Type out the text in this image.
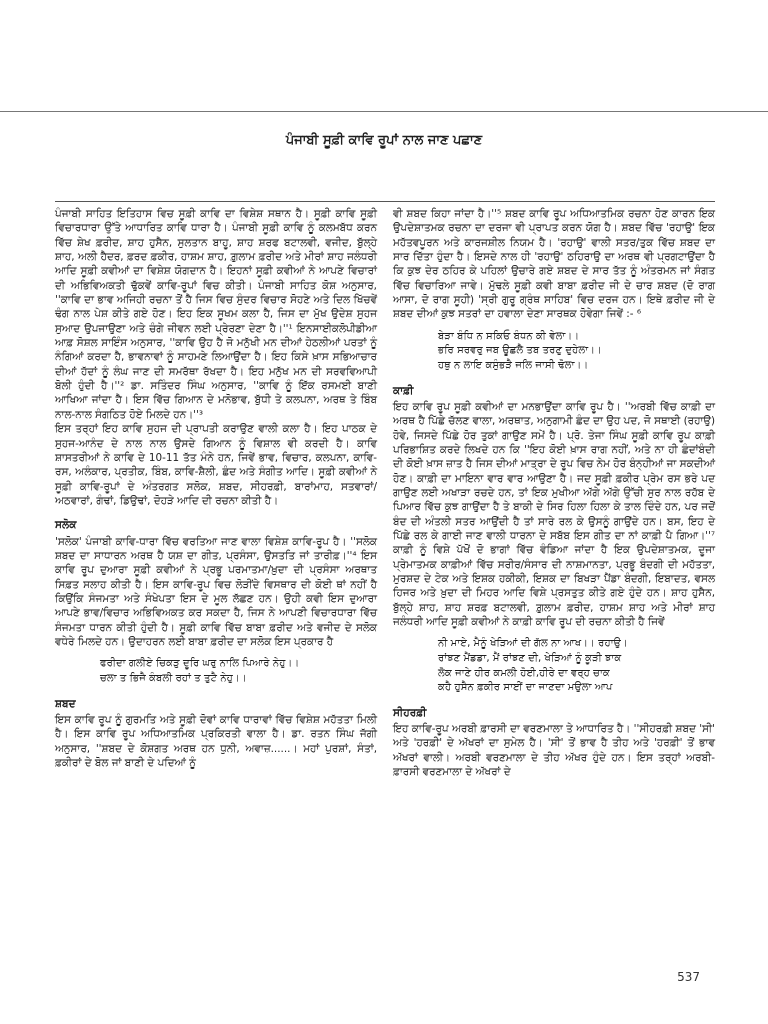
ਪੰਜਾਬੀ ਸੂਫ਼ੀ ਕਾਵਿ ਰੂਪਾਂ ਨਾਲ ਜਾਣ ਪਛਾਣ

ਪੰਜਾਬੀ ਸਾਹਿਤ ਇਤਿਹਾਸ ਵਿਚ ਸੂਫ਼ੀ ਕਾਵਿ ਦਾ ਵਿਸ਼ੇਸ਼ ਸਥਾਨ ਹੈ। ਸੂਫ਼ੀ ਕਾਵਿ ਸੂਫ਼ੀ ਵਿਚਾਰਧਾਰਾ ਉੱਤੇ ਆਧਾਰਿਤ ਕਾਵਿ ਧਾਰਾ ਹੈ। ਪੰਜਾਬੀ ਸੂਫ਼ੀ ਕਾਵਿ ਨੂੰ ਕਲਮਬੱਧ ਕਰਨ ਵਿੱਚ ਸ਼ੇਖ ਫ਼ਰੀਦ, ਸ਼ਾਹ ਹੁਸੈਨ, ਸੁਲਤਾਨ ਬਾਹੂ, ਸ਼ਾਹ ਸ਼ਰਫ ਬਟਾਲਵੀ, ਵਜੀਦ, ਬੁੱਲ੍ਹੇ ਸ਼ਾਹ, ਅਲੀ ਹੈਦਰ, ਫ਼ਰਦ ਫ਼ਕੀਰ, ਹਾਸ਼ਮ ਸ਼ਾਹ, ਗ਼ੁਲਾਮ ਫ਼ਰੀਦ ਅਤੇ ਮੀਰਾਂ ਸ਼ਾਹ ਜਲੰਧਰੀ ਆਦਿ ਸੂਫ਼ੀ ਕਵੀਆਂ ਦਾ ਵਿਸ਼ੇਸ਼ ਯੋਗਦਾਨ ਹੈ। ਇਹਨਾਂ ਸੂਫ਼ੀ ਕਵੀਆਂ ਨੇ ਆਪਣੇ ਵਿਚਾਰਾਂ ਦੀ ਅਭਿਵਿਅਕਤੀ ਢੁੱਕਵੇਂ ਕਾਵਿ-ਰੂਪਾਂ ਵਿਚ ਕੀਤੀ। ਪੰਜਾਬੀ ਸਾਹਿਤ ਕੋਸ਼ ਅਨੁਸਾਰ, ''ਕਾਵਿ ਦਾ ਭਾਵ ਅਜਿਹੀ ਰਚਨਾ ਤੋਂ ਹੈ ਜਿਸ ਵਿਚ ਸੁੰਦਰ ਵਿਚਾਰ ਸੋਹਣੇ ਅਤੇ ਦਿਲ ਖਿੱਚਵੇਂ ਢੰਗ ਨਾਲ ਪੇਸ਼ ਕੀਤੇ ਗਏ ਹੋਣ। ਇਹ ਇਕ ਸੂਖਮ ਕਲਾ ਹੈ, ਜਿਸ ਦਾ ਮੁੱਖ ਉਦੇਸ਼ ਸੁਹਜ ਸੁਆਦ ਉਪਜਾਉਣਾ ਅਤੇ ਚੰਗੇ ਜੀਵਨ ਲਈ ਪ੍ਰੇਰਣਾ ਦੇਣਾ ਹੈ।''¹ ਇਨਸਾਈਕਲੋਪੀਡੀਆ ਆਫ਼ ਸੋਸ਼ਲ ਸਾਇੰਸ ਅਨੁਸਾਰ, ''ਕਾਵਿ ਉਹ ਹੈ ਜੋ ਮਨੁੱਖੀ ਮਨ ਦੀਆਂ ਹੇਠਲੀਆਂ ਪਰਤਾਂ ਨੂੰ ਨੰਗਿਆਂ ਕਰਦਾ ਹੈ, ਭਾਵਨਾਵਾਂ ਨੂੰ ਸਾਹਮਣੇ ਲਿਆਉਂਦਾ ਹੈ। ਇਹ ਕਿਸੇ ਖ਼ਾਸ ਸਭਿਆਚਾਰ ਦੀਆਂ ਹੱਦਾਂ ਨੂੰ ਲੰਘ ਜਾਣ ਦੀ ਸਮਰੱਥਾ ਰੱਖਦਾ ਹੈ। ਇਹ ਮਨੁੱਖ ਮਨ ਦੀ ਸਰਵਵਿਆਪੀ ਬੋਲੀ ਹੁੰਦੀ ਹੈ।''² ਡਾ. ਸਤਿੰਦਰ ਸਿੰਘ ਅਨੁਸਾਰ, ''ਕਾਵਿ ਨੂੰ ਇੱਕ ਰਸਮਈ ਬਾਣੀ ਆਖਿਆ ਜਾਂਦਾ ਹੈ। ਇਸ ਵਿੱਚ ਗਿਆਨ ਦੇ ਮਨੋਭਾਵ, ਬੁੱਧੀ ਤੇ ਕਲਪਨਾ, ਅਰਥ ਤੇ ਬਿੰਬ ਨਾਲ-ਨਾਲ ਸੰਗਠਿਤ ਹੋਏ ਮਿਲਦੇ ਹਨ।''³

ਇਸ ਤਰ੍ਹਾਂ ਇਹ ਕਾਵਿ ਸੁਹਜ ਦੀ ਪ੍ਰਾਪਤੀ ਕਰਾਉਣ ਵਾਲੀ ਕਲਾ ਹੈ। ਇਹ ਪਾਠਕ ਦੇ ਸੁਹਜ-ਆਨੰਦ ਦੇ ਨਾਲ ਨਾਲ ਉਸਦੇ ਗਿਆਨ ਨੂੰ ਵਿਸ਼ਾਲ ਵੀ ਕਰਦੀ ਹੈ। ਕਾਵਿ ਸ਼ਾਸਤਰੀਆਂ ਨੇ ਕਾਵਿ ਦੇ 10-11 ਤੱਤ ਮੰਨੇ ਹਨ, ਜਿਵੇਂ ਭਾਵ, ਵਿਚਾਰ, ਕਲਪਨਾ, ਕਾਵਿ-ਰਸ, ਅਲੰਕਾਰ, ਪ੍ਰਤੀਕ, ਬਿੰਬ, ਕਾਵਿ-ਸ਼ੈਲੀ, ਛੰਦ ਅਤੇ ਸੰਗੀਤ ਆਦਿ। ਸੂਫ਼ੀ ਕਵੀਆਂ ਨੇ ਸੂਫ਼ੀ ਕਾਵਿ-ਰੂਪਾਂ ਦੇ ਅੰਤਰਗਤ ਸਲੋਕ, ਸ਼ਬਦ, ਸੀਹਰਫ਼ੀ, ਬਾਰਾਂਮਾਹ, ਸਤਵਾਰਾਂ/ਅਠਵਾਰਾਂ, ਗੰਢਾਂ, ਡਿਉਢਾਂ, ਦੋਹੜੇ ਆਦਿ ਦੀ ਰਚਨਾ ਕੀਤੀ ਹੈ।

ਸਲੋਕ

'ਸਲੋਕ' ਪੰਜਾਬੀ ਕਾਵਿ-ਧਾਰਾ ਵਿੱਚ ਵਰਤਿਆ ਜਾਣ ਵਾਲਾ ਵਿਸ਼ੇਸ਼ ਕਾਵਿ-ਰੂਪ ਹੈ। ''ਸਲੋਕ ਸ਼ਬਦ ਦਾ ਸਾਧਾਰਨ ਅਰਥ ਹੈ ਯਸ਼ ਦਾ ਗੀਤ, ਪ੍ਰਸੰਸਾ, ਉਸਤਤਿ ਜਾਂ ਤਾਰੀਫ਼।''⁴ ਇਸ ਕਾਵਿ ਰੂਪ ਦੁਆਰਾ ਸੂਫ਼ੀ ਕਵੀਆਂ ਨੇ ਪ੍ਰਭੂ ਪਰਮਾਤਮਾ/ਖ਼ੁਦਾ ਦੀ ਪ੍ਰਸੰਸਾ ਅਰਥਾਤ ਸਿਫ਼ਤ ਸਲਾਹ ਕੀਤੀ ਹੈ। ਇਸ ਕਾਵਿ-ਰੂਪ ਵਿਚ ਲੋੜੀਂਦੇ ਵਿਸਥਾਰ ਦੀ ਕੋਈ ਥਾਂ ਨਹੀਂ ਹੈ ਕਿਉਂਕਿ ਸੰਜਮਤਾ ਅਤੇ ਸੰਖੇਪਤਾ ਇਸ ਦੇ ਮੂਲ ਲੱਛਣ ਹਨ। ਉਹੀ ਕਵੀ ਇਸ ਦੁਆਰਾ ਆਪਣੇ ਭਾਵ/ਵਿਚਾਰ ਅਭਿਵਿਅਕਤ ਕਰ ਸਕਦਾ ਹੈ, ਜਿਸ ਨੇ ਆਪਣੀ ਵਿਚਾਰਧਾਰਾ ਵਿੱਚ ਸੰਜਮਤਾ ਧਾਰਨ ਕੀਤੀ ਹੁੰਦੀ ਹੈ। ਸੂਫ਼ੀ ਕਾਵਿ ਵਿੱਚ ਬਾਬਾ ਫ਼ਰੀਦ ਅਤੇ ਵਜੀਦ ਦੇ ਸਲੋਕ ਵਧੇਰੇ ਮਿਲਦੇ ਹਨ। ਉਦਾਹਰਨ ਲਈ ਬਾਬਾ ਫ਼ਰੀਦ ਦਾ ਸਲੋਕ ਇਸ ਪ੍ਰਕਾਰ ਹੈ

ਫਰੀਦਾ ਗਲੀਏ ਚਿਕੜੁ ਦੂਰਿ ਘਰੁ ਨਾਲਿ ਪਿਆਰੇ ਨੇਹੁ।।
ਚਲਾ ਤ ਭਿਜੈ ਕੰਬਲੀ ਰਹਾਂ ਤ ਤੁਟੈ ਨੇਹੁ।।
ਸ਼ਬਦ

ਇਸ ਕਾਵਿ ਰੂਪ ਨੂੰ ਗੁਰਮਤਿ ਅਤੇ ਸੂਫ਼ੀ ਦੋਵਾਂ ਕਾਵਿ ਧਾਰਾਵਾਂ ਵਿੱਚ ਵਿਸ਼ੇਸ਼ ਮਹੱਤਤਾ ਮਿਲੀ ਹੈ। ਇਸ ਕਾਵਿ ਰੂਪ ਅਧਿਆਤਮਿਕ ਪ੍ਰਕਿਰਤੀ ਵਾਲਾ ਹੈ। ਡਾ. ਰਤਨ ਸਿੰਘ ਜੱਗੀ ਅਨੁਸਾਰ, ''ਸ਼ਬਦ ਦੇ ਕੋਸ਼ਗਤ ਅਰਥ ਹਨ ਧੁਨੀ, ਅਵਾਜ਼......। ਮਹਾਂ ਪੁਰਸ਼ਾਂ, ਸੰਤਾਂ, ਫ਼ਕੀਰਾਂ ਦੇ ਬੋਲ ਜਾਂ ਬਾਣੀ ਦੇ ਪਦਿਆਂ ਨੂੰ

ਵੀ ਸ਼ਬਦ ਕਿਹਾ ਜਾਂਦਾ ਹੈ।''⁵ ਸ਼ਬਦ ਕਾਵਿ ਰੂਪ ਅਧਿਆਤਮਿਕ ਰਚਨਾ ਹੋਣ ਕਾਰਨ ਇਕ ਉਪਦੇਸ਼ਾਤਮਕ ਰਚਨਾ ਦਾ ਦਰਜਾ ਵੀ ਪ੍ਰਾਪਤ ਕਰਨ ਯੋਗ ਹੈ। ਸ਼ਬਦ ਵਿੱਚ 'ਰਹਾਉ' ਇਕ ਮਹੱਤਵਪੂਰਨ ਅਤੇ ਕਾਰਜਸ਼ੀਲ ਨਿਯਮ ਹੈ। 'ਰਹਾਉ' ਵਾਲੀ ਸਤਰ/ਤੁਕ ਵਿੱਚ ਸ਼ਬਦ ਦਾ ਸਾਰ ਦਿੱਤਾ ਹੁੰਦਾ ਹੈ। ਇਸਦੇ ਨਾਲ ਹੀ 'ਰਹਾਉ' ਠਹਿਰਾਉ ਦਾ ਅਰਥ ਵੀ ਪ੍ਰਗਟਾਉਂਦਾ ਹੈ ਕਿ ਕੁਝ ਦੇਰ ਠਹਿਰ ਕੇ ਪਹਿਲਾਂ ਉਚਾਰੇ ਗਏ ਸ਼ਬਦ ਦੇ ਸਾਰ ਤੱਤ ਨੂੰ ਅੰਤਰਮਨ ਜਾਂ ਸੰਗਤ ਵਿੱਚ ਵਿਚਾਰਿਆ ਜਾਵੇ। ਮੁੱਢਲੇ ਸੂਫ਼ੀ ਕਵੀ ਬਾਬਾ ਫ਼ਰੀਦ ਜੀ ਦੇ ਚਾਰ ਸ਼ਬਦ (ਦੋ ਰਾਗ ਆਸਾ, ਦੋ ਰਾਗ ਸੂਹੀ) 'ਸ੍ਰੀ ਗੁਰੂ ਗ੍ਰੰਥ ਸਾਹਿਬ' ਵਿਚ ਦਰਜ ਹਨ। ਇਥੇ ਫ਼ਰੀਦ ਜੀ ਦੇ ਸ਼ਬਦ ਦੀਆਂ ਕੁਝ ਸਤਰਾਂ ਦਾ ਹਵਾਲਾ ਦੇਣਾ ਸਾਰਥਕ ਹੋਵੇਗਾ ਜਿਵੇਂ :- ⁶

ਬੇੜਾ ਬੰਧਿ ਨ ਸਕਿਓ ਬੰਧਨ ਕੀ ਵੇਲਾ।।
ਭਰਿ ਸਰਵਰੁ ਜਬ ਊਛਲੈ ਤਬ ਤਰਣੁ ਦੁਹੇਲਾ।।
ਹਥੁ ਨ ਲਾਇ ਕਸੁੰਭੜੈ ਜਲਿ ਜਾਸੀ ਢੋਲਾ।।
ਕਾਫ਼ੀ

ਇਹ ਕਾਵਿ ਰੂਪ ਸੂਫ਼ੀ ਕਵੀਆਂ ਦਾ ਮਨਭਾਉਂਦਾ ਕਾਵਿ ਰੂਪ ਹੈ। ''ਅਰਬੀ ਵਿੱਚ ਕਾਫ਼ੀ ਦਾ ਅਰਥ ਹੈ ਪਿੱਛੇ ਚੱਲਣ ਵਾਲਾ, ਅਰਥਾਤ, ਅਨੁਗਾਮੀ ਛੰਦ ਦਾ ਉਹ ਪਦ, ਜੋ ਸਥਾਈ (ਰਹਾਉ) ਹੋਵੇ, ਜਿਸਦੇ ਪਿੱਛੇ ਹੋਰ ਤੁਕਾਂ ਗਾਉਣ ਸਮੇਂ ਹੈ। ਪ੍ਰੋ. ਤੇਜਾ ਸਿੰਘ ਸੂਫ਼ੀ ਕਾਵਿ ਰੂਪ ਕਾਫ਼ੀ ਪਰਿਭਾਸ਼ਿਤ ਕਰਦੇ ਲਿਖਦੇ ਹਨ ਕਿ ''ਇਹ ਕੋਈ ਖ਼ਾਸ ਰਾਗ ਨਹੀਂ, ਅਤੇ ਨਾ ਹੀ ਛੰਦਾਂਬੰਦੀ ਦੀ ਕੋਈ ਖ਼ਾਸ ਜ਼ਾਤ ਹੈ ਜਿਸ ਦੀਆਂ ਮਾਤ੍ਰਾ ਦੇ ਰੂਪ ਵਿਚ ਨੇਮ ਹੋਰ ਬੰਨ੍ਹੀਆਂ ਜਾ ਸਕਦੀਆਂ ਹੋਣ। ਕਾਫ਼ੀ ਦਾ ਮਾਇਨਾ ਵਾਰ ਵਾਰ ਆਉਣਾ ਹੈ। ਜਦ ਸੂਫ਼ੀ ਫ਼ਕੀਰ ਪ੍ਰੇਮ ਰਸ ਭਰੇ ਪਦ ਗਾਉਣ ਲਈ ਅਖਾੜਾ ਰਚਦੇ ਹਨ, ਤਾਂ ਇਕ ਮੁਖੀਆ ਅੱਗੇ ਅੱਗੇ ਉੱਚੀ ਸੁਰ ਨਾਲ ਰਹੱਬ ਦੇ ਪਿਆਰ ਵਿੱਚ ਕੁਝ ਗਾਉਂਦਾ ਹੈ ਤੇ ਬਾਕੀ ਦੇ ਸਿਰ ਹਿਲਾ ਹਿਲਾ ਕੇ ਤਾਲ ਦਿੰਦੇ ਹਨ, ਪਰ ਜਦੋਂ ਬੰਦ ਦੀ ਅੰਤਲੀ ਸਤਰ ਆਉਂਦੀ ਹੈ ਤਾਂ ਸਾਰੇ ਰਲ ਕੇ ਉਸਨੂੰ ਗਾਉਂਦੇ ਹਨ। ਬਸ, ਇਹ ਦੇ ਪਿੱਛੇ ਰਲ ਕੇ ਗਾਈ ਜਾਣ ਵਾਲੀ ਧਾਰਨਾ ਦੇ ਸਬੱਬ ਇਸ ਗੀਤ ਦਾ ਨਾਂ ਕਾਫ਼ੀ ਪੈ ਗਿਆ।''⁷ ਕਾਫ਼ੀ ਨੂੰ ਵਿਸ਼ੇ ਪੱਖੋਂ ਦੋ ਭਾਗਾਂ ਵਿੱਚ ਵੰਡਿਆ ਜਾਂਦਾ ਹੈ ਇਕ ਉਪਦੇਸ਼ਾਤਮਕ, ਦੂਜਾ ਪ੍ਰੇਮਾਤਮਕ ਕਾਫ਼ੀਆਂ ਵਿੱਚ ਸਰੀਰ/ਸੰਸਾਰ ਦੀ ਨਾਸ਼ਮਾਨਤਾ, ਪ੍ਰਭੂ ਬੰਦਗੀ ਦੀ ਮਹੱਤਤਾ, ਮੁਰਸ਼ਦ ਦੇ ਟੇਕ ਅਤੇ ਇਸ਼ਕ ਹਕੀਕੀ, ਇਸ਼ਕ ਦਾ ਬਿਖੜਾ ਪੈਂਡਾ ਬੰਦਗੀ, ਇਬਾਦਤ, ਵਸਲ ਹਿਜਰ ਅਤੇ ਖ਼ੁਦਾ ਦੀ ਮਿਹਰ ਆਦਿ ਵਿਸ਼ੇ ਪ੍ਰਸਤੁਤ ਕੀਤੇ ਗਏ ਹੁੰਦੇ ਹਨ। ਸ਼ਾਹ ਹੁਸੈਨ, ਬੁੱਲ੍ਹੇ ਸ਼ਾਹ, ਸ਼ਾਹ ਸ਼ਰਫ਼ ਬਟਾਲਵੀ, ਗ਼ੁਲਾਮ ਫ਼ਰੀਦ, ਹਾਸ਼ਮ ਸ਼ਾਹ ਅਤੇ ਮੀਰਾਂ ਸ਼ਾਹ ਜਲੰਧਰੀ ਆਦਿ ਸੂਫ਼ੀ ਕਵੀਆਂ ਨੇ ਕਾਫ਼ੀ ਕਾਵਿ ਰੂਪ ਦੀ ਰਚਨਾ ਕੀਤੀ ਹੈ ਜਿਵੇਂ

ਨੀ ਮਾਏ, ਮੈਨੂੰ ਖੇੜਿਆਂ ਦੀ ਗੱਲ ਨਾ ਆਖ।। ਰਹਾਉ।
ਰਾਂਝਣ ਮੈਂਡਡਾ, ਮੈਂ ਰਾਂਝਣ ਦੀ, ਖੇੜਿਆਂ ਨੂੰ ਕੂੜੀ ਝਾਕ
ਲੋਕ ਜਾਣੇ ਹੀਰ ਕਮਲੀ ਹੋਈ,ਹੀਰੇ ਦਾ ਵਰ੍ਹ ਚਾਕ
ਕਹੈ ਹੁਸੈਨ ਫ਼ਕੀਰ ਸਾਈਂ ਦਾ ਜਾਣਦਾ ਮਉਲਾ ਆਪ
ਸੀਹਰਫ਼ੀ

ਇਹ ਕਾਵਿ-ਰੂਪ ਅਰਬੀ ਫ਼ਾਰਸੀ ਦਾ ਵਰਣਮਾਲਾ ਤੇ ਆਧਾਰਿਤ ਹੈ। ''ਸੀਹਰਫ਼ੀ ਸ਼ਬਦ 'ਸੀ' ਅਤੇ 'ਹਰਫ਼ੀ' ਦੇ ਅੱਖਰਾਂ ਦਾ ਸੁਮੇਲ ਹੈ। 'ਸੀ' ਤੋਂ ਭਾਵ ਹੈ ਤੀਹ ਅਤੇ 'ਹਰਫ਼ੀ' ਤੋਂ ਭਾਵ ਅੱਖਰਾਂ ਵਾਲੀ। ਅਰਬੀ ਵਰਣਮਾਲਾ ਦੇ ਤੀਹ ਅੱਖਰ ਹੁੰਦੇ ਹਨ। ਇਸ ਤਰ੍ਹਾਂ ਅਰਬੀ-ਫ਼ਾਰਸੀ ਵਰਣਮਾਲਾ ਦੇ ਅੱਖਰਾਂ ਦੇ

537
